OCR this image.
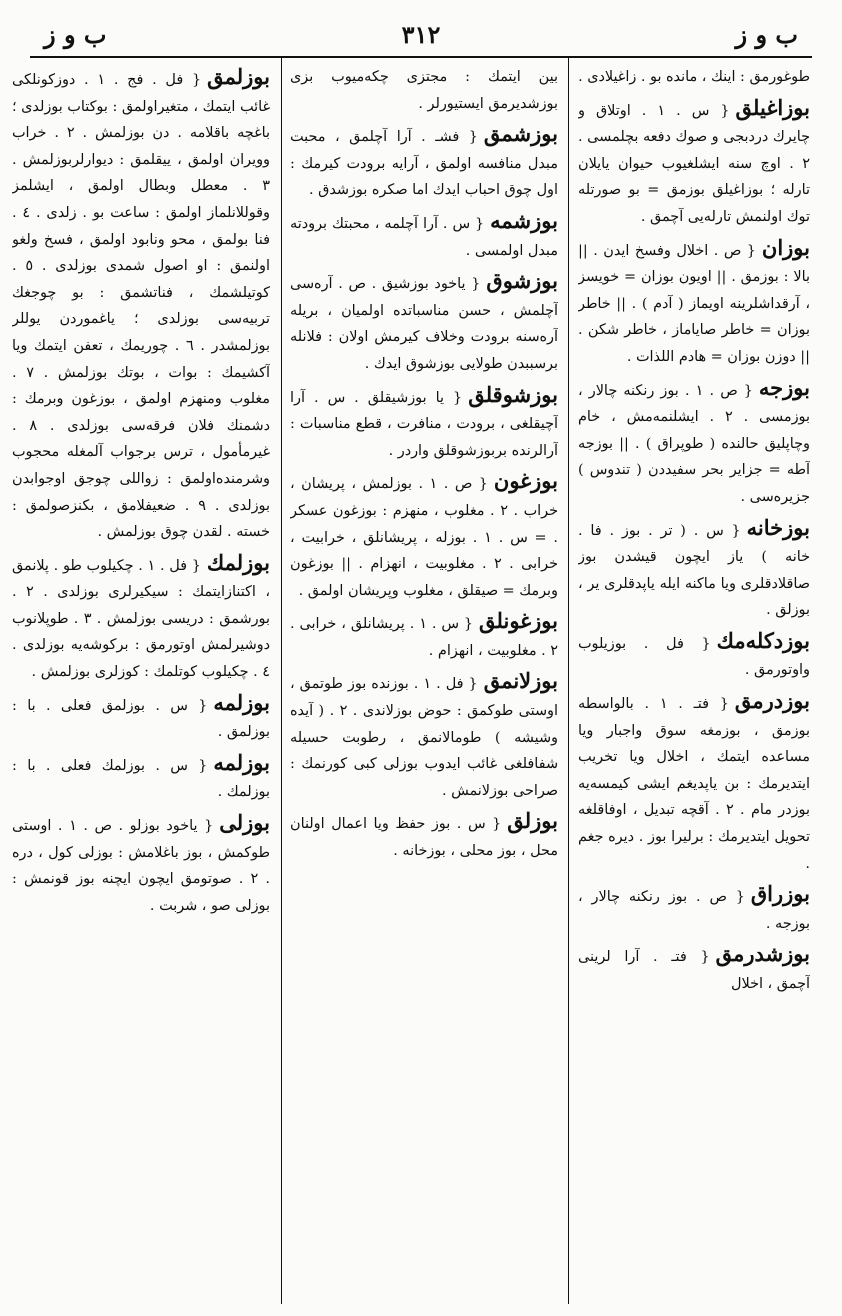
ب و ز
٣١٢
ب و ز
طوغورمق : اينك ، مانده بو . زاغيلادى .
بوزاغيلق{ س . ١ . اوتلاق و چايرك دردبجى و صوك دفعه بچلمسى . ٢ . اوچ سنه ايشلغيوب حيوان يايلان تارله ؛ بوزاغيلق بوزمق = بو صورتله توك اولنمش تارلەيى آچمق .
بوزان{ ص . اخلال وفسخ ايدن . || بالا : بوزمق . || اويون بوزان = خويسز ، آرقداشلرينه اويماز ( آدم ) . || خاطر بوزان = خاطر صاياماز ، خاطر شكن . || دوزن بوزان = هادم اللذات .
بوزجه{ ص . ١ . بوز رنكنه چالار ، بوزمسى . ٢ . ايشلنمەمش ، خام وچاپليق حالنده ( طوپراق ) . || بوزجه آطه = جزاير بحر سفيددن ( تندوس ) جزيرەسى .
بوزخانه{ س . ( تر . بوز . فا . خانه ) ياز ايچون قيشدن بوز صاقلادقلرى ويا ماكنه ايله ياپدقلرى ير ، بوزلق .
بوزدكلەمك{ فل . بوزيلوب واوتورمق .
بوزدرمق{ فتـ . ١ . بالواسطه بوزمق ، بوزمغه سوق واجبار ويا مساعده ايتمك ، اخلال ويا تخريب ايتديرمك : بن ياپديغم ايشى كيمسەيه بوزدر مام . ٢ . آقچه تبديل ، اوفاقلغه تحويل ايتديرمك : برليرا بوز . ديره جغم .
بوزراق{ ص . بوز رنكنه چالار ، بوزجه .
بوزشدرمق{ فتـ . آرا لرينى آچمق ، اخلال
بين ايتمك : مجتزى چكەميوب بزى بوزشديرمق ايستيورلر .
بوزشمق{ فشـ . آرا آچلمق ، محبت مبدل منافسه اولمق ، آرايه برودت كيرمك : اول چوق احباب ايدك اما صكره بوزشدق .
بوزشمه{ س . آرا آچلمه ، محبتك برودته مبدل اولمسى .
بوزشوق{ ياخود بوزشيق . ص . آرەسى آچلمش ، حسن مناسباتده اولميان ، بريله آرەسنه برودت وخلاف كيرمش اولان : فلانله برسببدن طولايى بوزشوق ايدك .
بوزشوقلق{ يا بوزشيقلق . س . آرا آچيقلغى ، برودت ، منافرت ، قطع مناسبات : آرالرنده بربوزشوقلق واردر .
بوزغون{ ص . ١ . بوزلمش ، پريشان ، خراب . ٢ . مغلوب ، منهزم : بوزغون عسكر . = س . ١ . بوزله ، پريشانلق ، خرابيت ، خرابى . ٢ . مغلوبيت ، انهزام . || بوزغون وبرمك = صيقلق ، مغلوب وپريشان اولمق .
بوزغونلق{ س . ١ . پريشانلق ، خرابى . ٢ . مغلوبيت ، انهزام .
بوزلانمق{ فل . ١ . بوزنده بوز طوتمق ، اوستى طوكمق : حوض بوزلاندى . ٢ . ( آيده وشيشه ) طومالانمق ، رطوبت حسيله شفافلغى غائب ايدوب بوزلى كبى كورنمك : صراحى بوزلانمش .
بوزلق{ س . بوز حفظ ويا اعمال اولنان محل ، بوز محلى ، بوزخانه .
بوزلمق{ فل . فج . ١ . دوزكونلكى غائب ايتمك ، متغيراولمق : بوكتاب بوزلدى ؛ باغچه باقلامه . دن بوزلمش . ٢ . خراب وويران اولمق ، ييقلمق : ديوارلربوزلمش . ٣ . معطل وبطال اولمق ، ايشلمز وقوللانلماز اولمق : ساعت بو . زلدى . ٤ . فنا بولمق ، محو ونابود اولمق ، فسخ ولغو اولنمق : او اصول شمدى بوزلدى . ٥ . كوتيلشمك ، فناتشمق : بو چوجغك تربيەسى بوزلدى ؛ ياغموردن يوللر بوزلمشدر . ٦ . چوريمك ، تعفن ايتمك ويا آكشيمك : بوات ، بوتك بوزلمش . ٧ . مغلوب ومنهزم اولمق ، بوزغون وبرمك : دشمنك فلان فرقەسى بوزلدى . ٨ . غيرمأمول ، ترس برجواب آلمغله محجوب وشرمندەاولمق : زواللى چوجق اوجوابدن بوزلدى . ٩ . ضعيفلامق ، بكنزصولمق : خسته . لقدن چوق بوزلمش .
بوزلمك{ فل . ١ . چكيلوب طو . پلانمق ، اكتنازايتمك : سيكيرلرى بوزلدى . ٢ . بورشمق : دريسى بوزلمش . ٣ . طوپلانوب دوشيرلمش اوتورمق : بركوشەيه بوزلدى . ٤ . چكيلوب كوتلمك : كوزلرى بوزلمش .
بوزلمه{ س . بوزلمق فعلى . با : بوزلمق .
بوزلمه{ س . بوزلمك فعلى . با : بوزلمك .
بوزلى{ ياخود بوزلو . ص . ١ . اوستى طوكمش ، بوز باغلامش : بوزلى كول ، دره . ٢ . صوتومق ايچون ايچنه بوز قونمش : بوزلى صو ، شربت .
